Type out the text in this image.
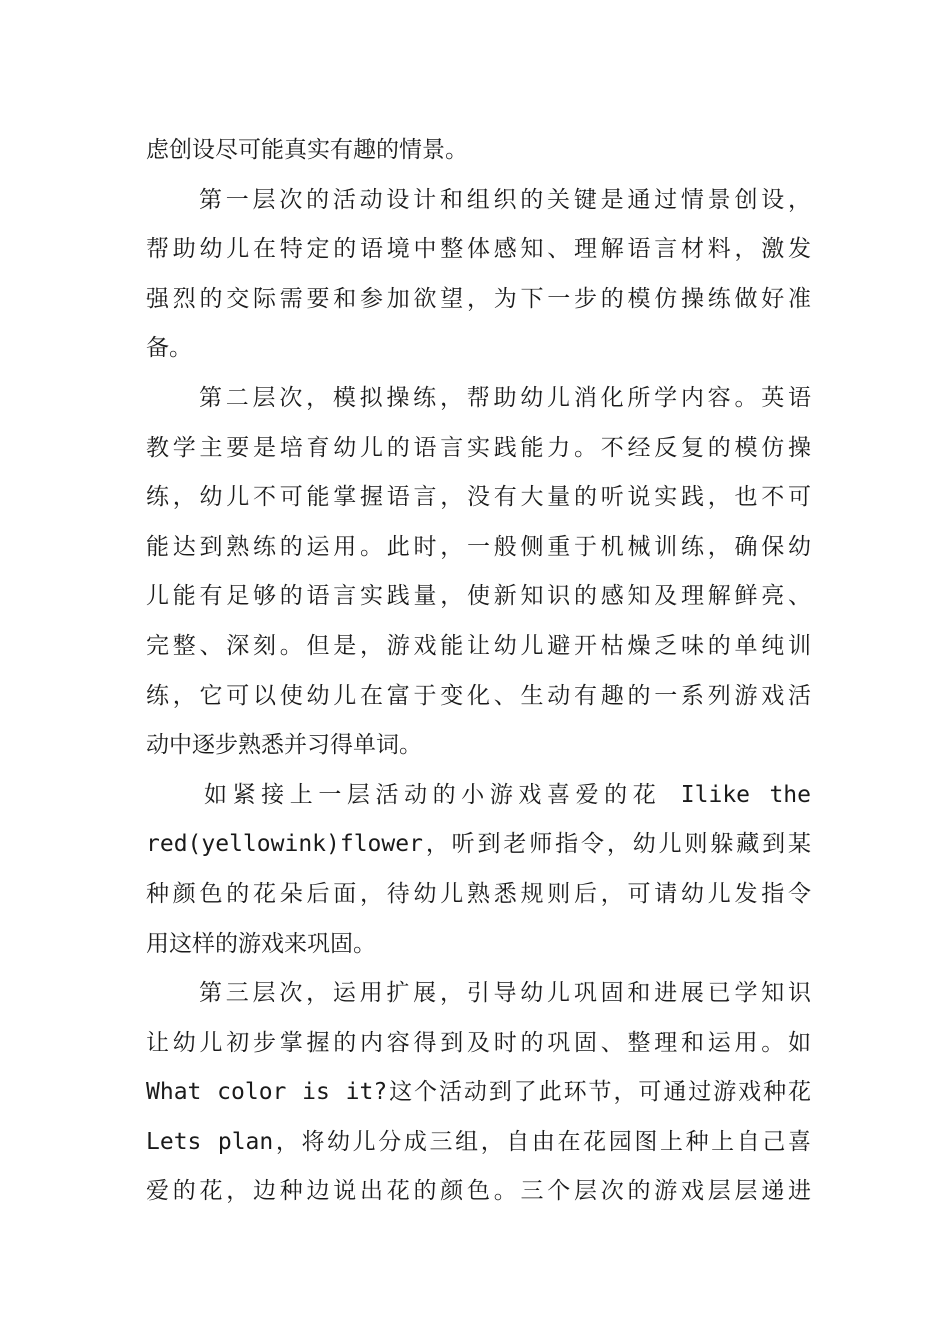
虑创设尽可能真实有趣的情景。
第一层次的活动设计和组织的关键是通过情景创设，
帮助幼儿在特定的语境中整体感知、理解语言材料，激发
强烈的交际需要和参加欲望，为下一步的模仿操练做好准
备。
第二层次，模拟操练，帮助幼儿消化所学内容。英语
教学主要是培育幼儿的语言实践能力。不经反复的模仿操
练，幼儿不可能掌握语言，没有大量的听说实践，也不可
能达到熟练的运用。此时，一般侧重于机械训练，确保幼
儿能有足够的语言实践量，使新知识的感知及理解鲜亮、
完整、深刻。但是，游戏能让幼儿避开枯燥乏味的单纯训
练，它可以使幼儿在富于变化、生动有趣的一系列游戏活
动中逐步熟悉并习得单词。
如紧接上一层活动的小游戏喜爱的花 Ilike the
red(yellowink)flower，听到老师指令，幼儿则躲藏到某
种颜色的花朵后面，待幼儿熟悉规则后，可请幼儿发指令
用这样的游戏来巩固。
第三层次，运用扩展，引导幼儿巩固和进展已学知识
让幼儿初步掌握的内容得到及时的巩固、整理和运用。如
What color is it?这个活动到了此环节，可通过游戏种花
Lets plan，将幼儿分成三组，自由在花园图上种上自己喜
爱的花，边种边说出花的颜色。三个层次的游戏层层递进
